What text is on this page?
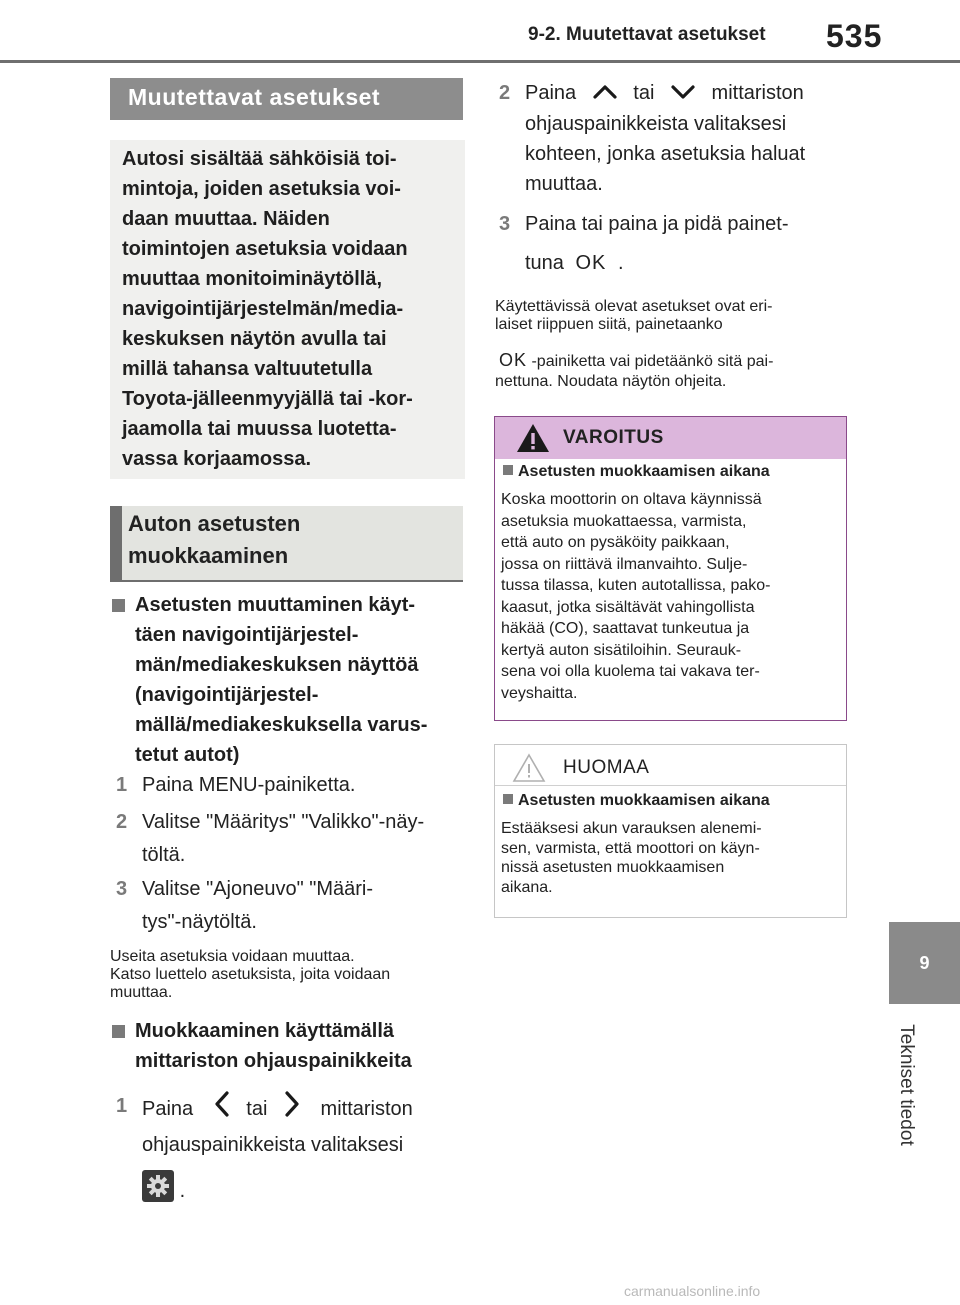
9-2. Muutettavat asetukset 535
9
Tekniset tiedot
Muutettavat asetukset
Autosi sisältää sähköisiä toi-
mintoja, joiden asetuksia voi-
daan muuttaa. Näiden
toimintojen asetuksia voidaan
muuttaa monitoiminäytöllä,
navigointijärjestelmän/media-
keskuksen näytön avulla tai
millä tahansa valtuutetulla
Toyota-jälleenmyyjällä tai -kor-
jaamolla tai muussa luotetta-
vassa korjaamossa.
Auton asetusten
muokkaaminen
Asetusten muuttaminen käyt-
täen navigointijärjestel-
män/mediakeskuksen näyttöä
(navigointijärjestel-
mällä/mediakeskuksella varus-
tetut autot)
1 Paina MENU-painiketta.
2 Valitse "Määritys" "Valikko"-näy-
töltä.
3 Valitse "Ajoneuvo" "Määri-
tys"-näytöltä.
Useita asetuksia voidaan muuttaa.
Katso luettelo asetuksista, joita voidaan
muuttaa.
Muokkaaminen käyttämällä
mittariston ohjauspainikkeita
1 Paina	tai	mittariston
ohjauspainikkeista valitaksesi
.
2 Paina	tai	mittariston
ohjauspainikkeista valitaksesi
kohteen, jonka asetuksia haluat
muuttaa.
3 Paina tai paina ja pidä painet-
tuna OK .
Käytettävissä olevat asetukset ovat eri-
laiset riippuen siitä, painetaanko
OK -painiketta vai pidetäänkö sitä pai-
nettuna. Noudata näytön ohjeita.
VAROITUS
Asetusten muokkaamisen aikana
Koska moottorin on oltava käynnissä
asetuksia muokattaessa, varmista,
että auto on pysäköity paikkaan,
jossa on riittävä ilmanvaihto. Sulje-
tussa tilassa, kuten autotallissa, pako-
kaasut, jotka sisältävät vahingollista
häkää (CO), saattavat tunkeutua ja
kertyä auton sisätiloihin. Seurauk-
sena voi olla kuolema tai vakava ter-
veyshaitta.
HUOMAA
Asetusten muokkaamisen aikana
Estääksesi akun varauksen alenemi-
sen, varmista, että moottori on käyn-
nissä asetusten muokkaamisen
aikana.
carmanualsonline.info
